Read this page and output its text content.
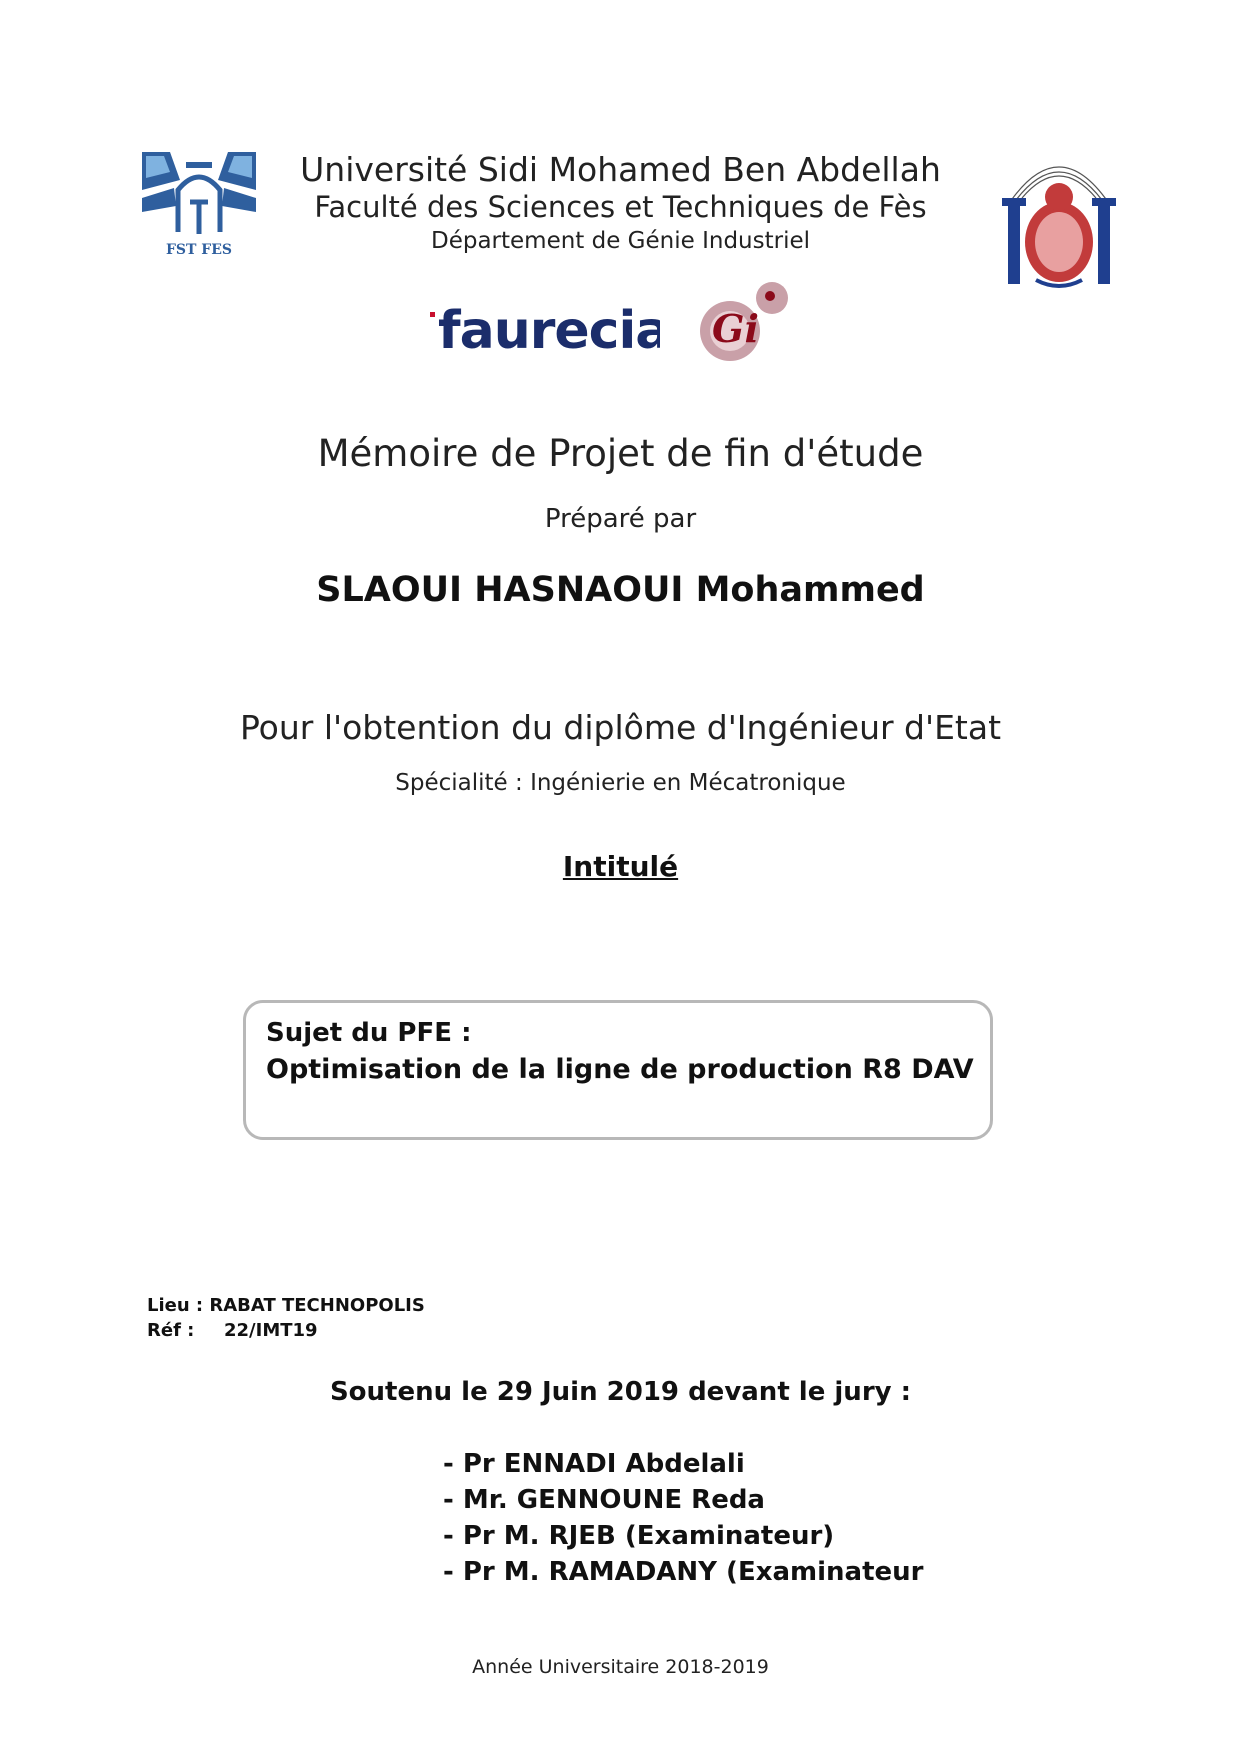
FST FES
Université Sidi Mohamed Ben Abdellah
Faculté des Sciences et Techniques de Fès
Département de Génie Industriel
faurecia Gi
Mémoire de Projet de fin d'étude
Préparé par
SLAOUI HASNAOUI Mohammed
Pour l'obtention du diplôme d'Ingénieur d'Etat
Spécialité : Ingénierie en Mécatronique
Intitulé
Sujet du PFE :
Optimisation de la ligne de production R8 DAV
Lieu : RABAT TECHNOPOLIS
Réf : 22/IMT19
Soutenu le 29 Juin 2019 devant le jury :
- Pr ENNADI Abdelali
- Mr. GENNOUNE Reda
- Pr M. RJEB (Examinateur)
- Pr M. RAMADANY (Examinateur
Année Universitaire 2018-2019
